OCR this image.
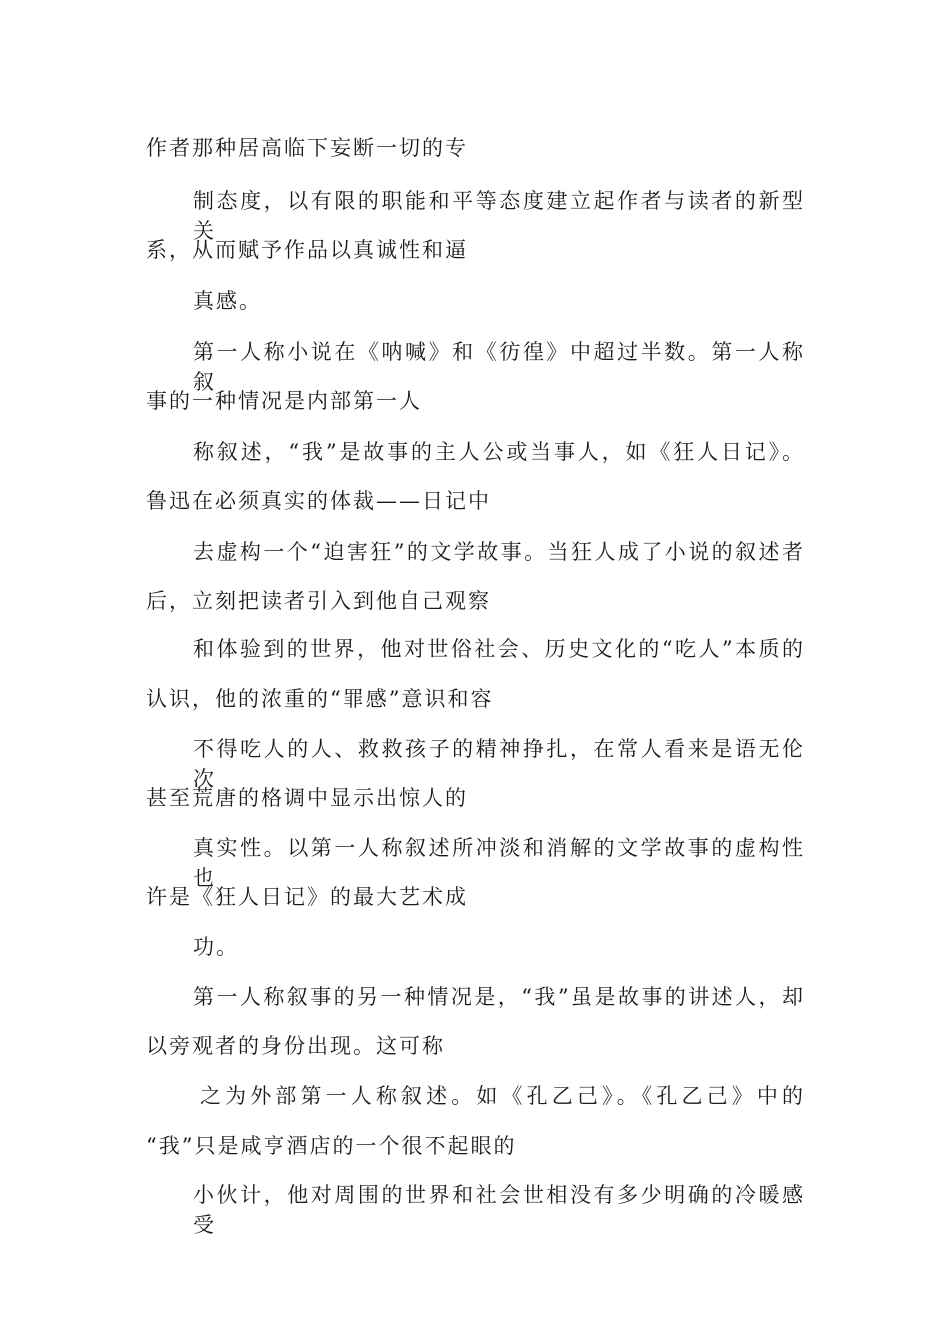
作者那种居高临下妄断一切的专
制态度，以有限的职能和平等态度建立起作者与读者的新型关
系，从而赋予作品以真诚性和逼
真感。
第一人称小说在《呐喊》和《彷徨》中超过半数。第一人称叙
事的一种情况是内部第一人
称叙述，“我”是故事的主人公或当事人，如《狂人日记》。
鲁迅在必须真实的体裁——日记中
去虚构一个“迫害狂”的文学故事。当狂人成了小说的叙述者
后，立刻把读者引入到他自己观察
和体验到的世界，他对世俗社会、历史文化的“吃人”本质的
认识，他的浓重的“罪感”意识和容
不得吃人的人、救救孩子的精神挣扎，在常人看来是语无伦次
甚至荒唐的格调中显示出惊人的
真实性。以第一人称叙述所冲淡和消解的文学故事的虚构性也
许是《狂人日记》的最大艺术成
功。
第一人称叙事的另一种情况是，“我”虽是故事的讲述人，却
以旁观者的身份出现。这可称
之为外部第一人称叙述。如《孔乙己》。《孔乙己》中的
“我”只是咸亨酒店的一个很不起眼的
小伙计，他对周围的世界和社会世相没有多少明确的冷暖感受
